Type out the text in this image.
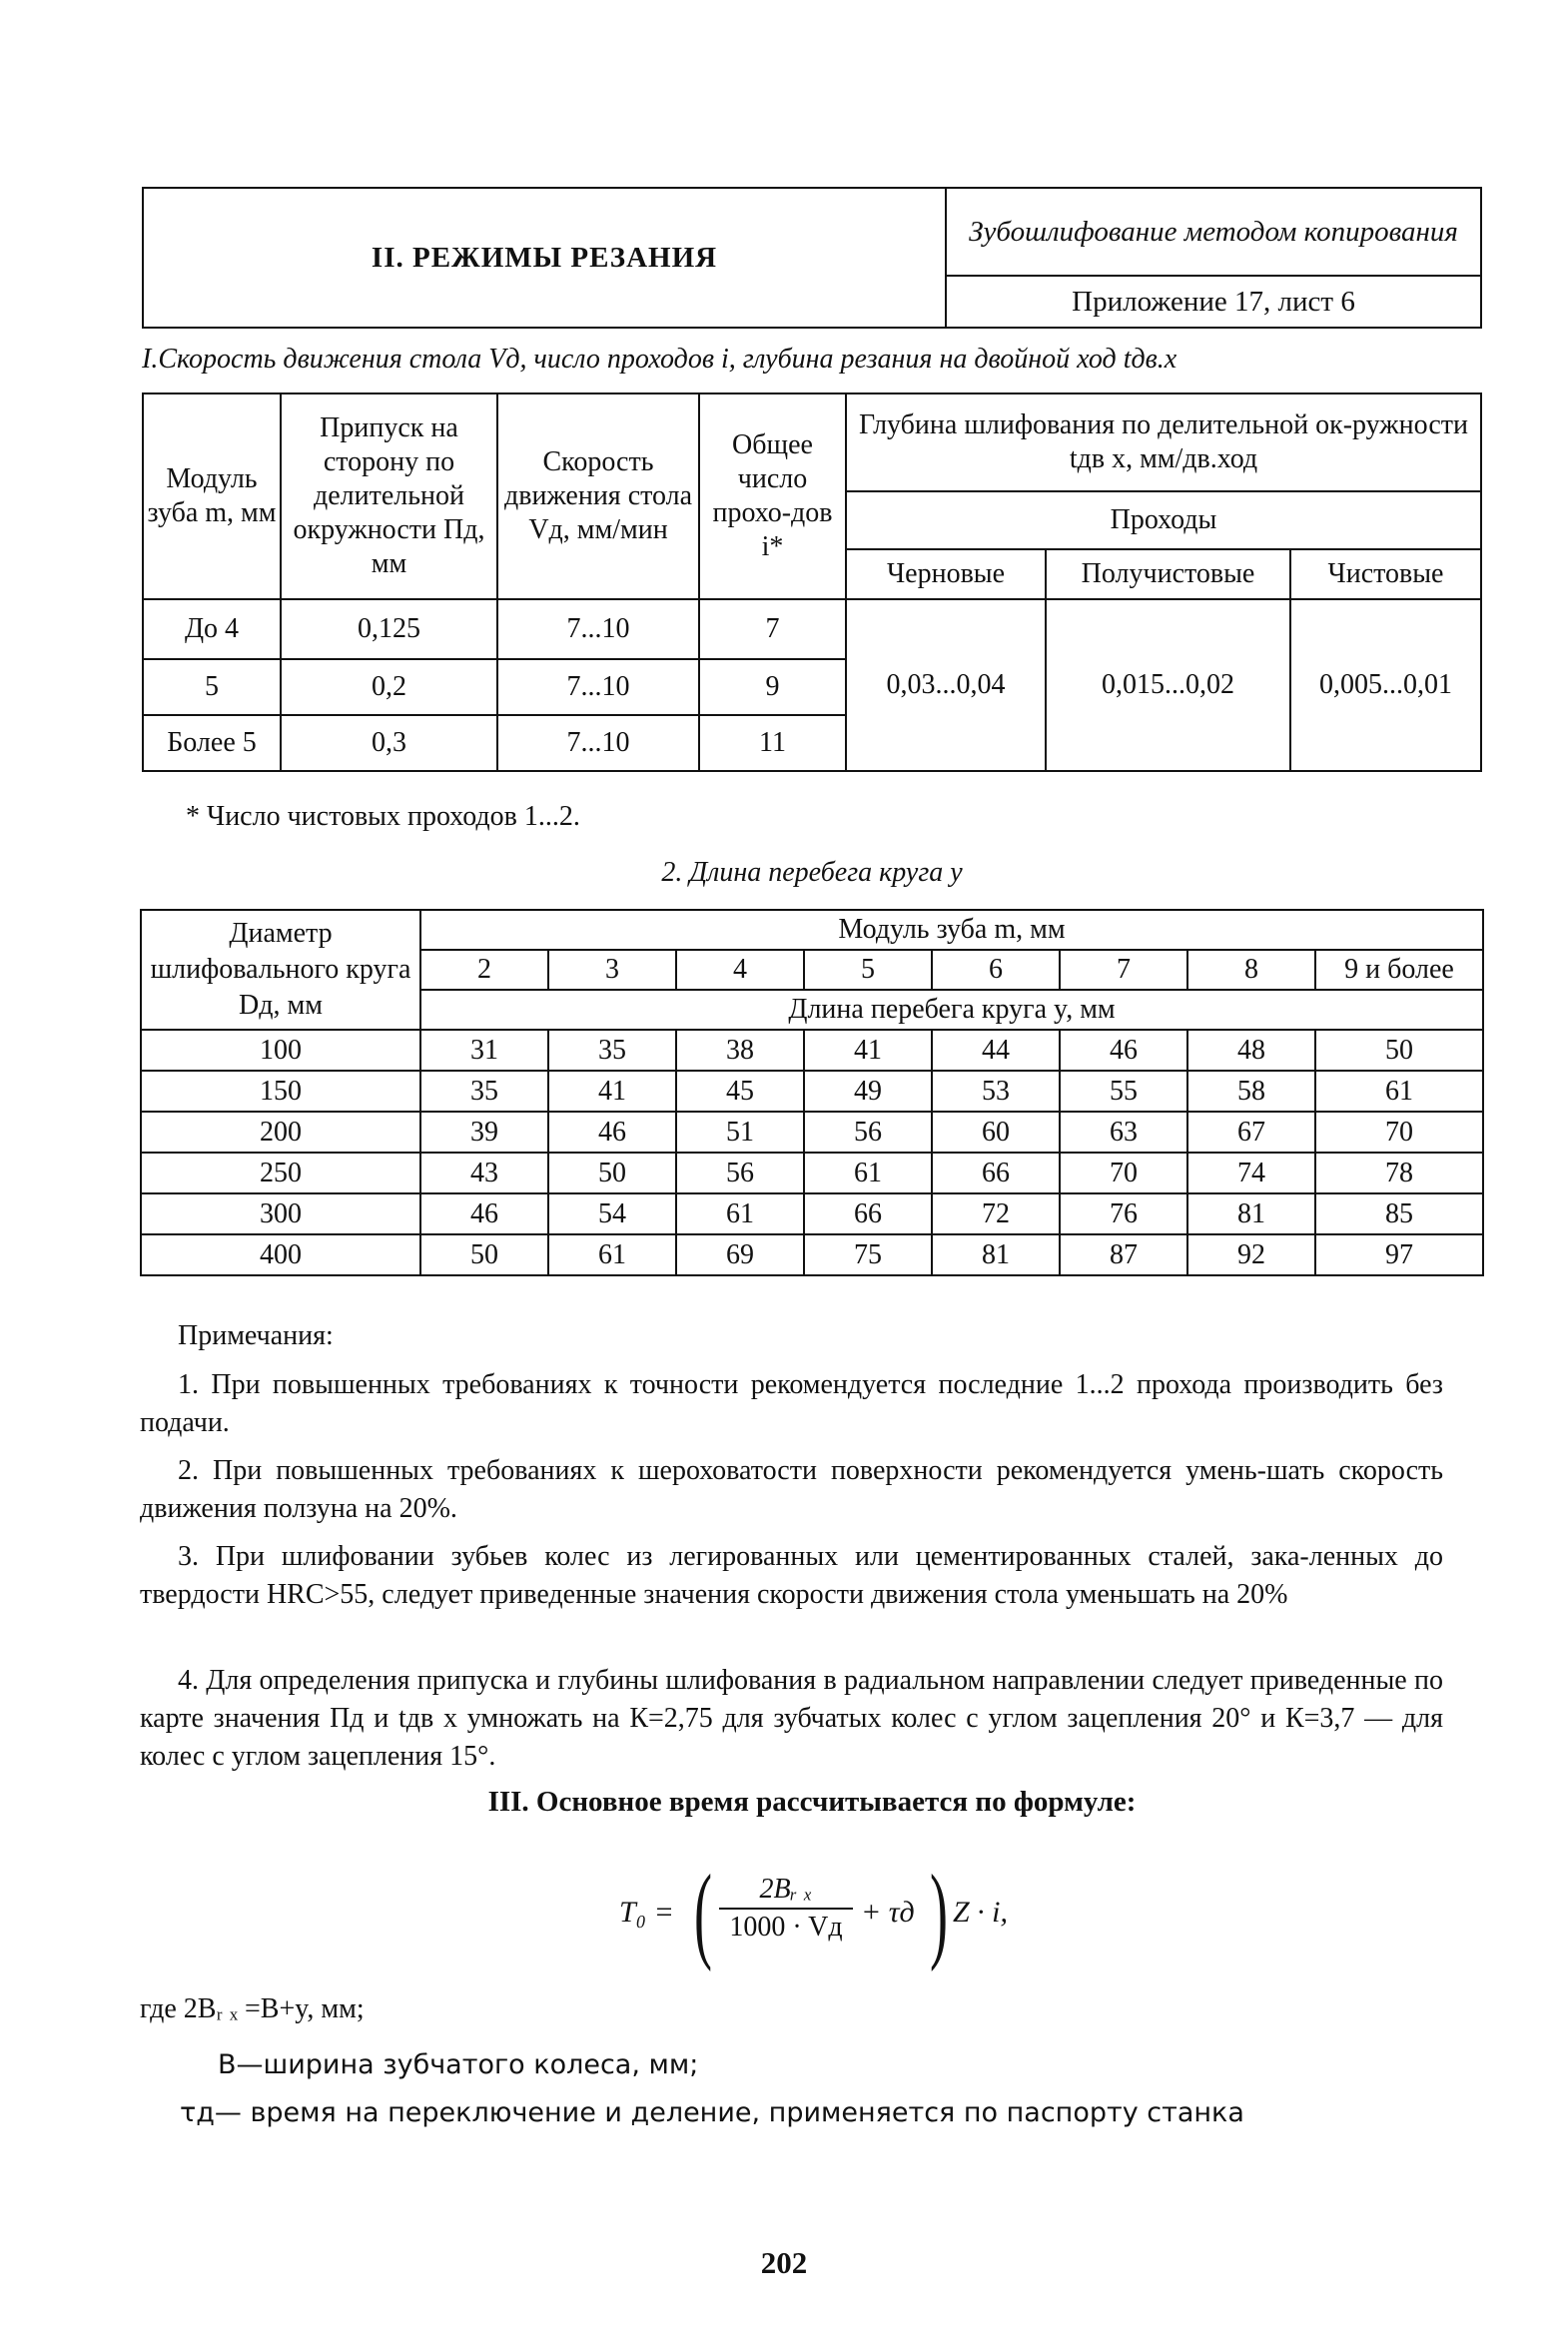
II. РЕЖИМЫ РЕЗАНИЯ	Зубошлифование методом копирования
Приложение 17, лист 6
I.Скорость движения стола Vд, число проходов i, глубина резания на двойной ход tдв.x
Модуль зуба m, мм	Припуск на сторону по делительной окружности Пд, мм	Скорость движения стола Vд, мм/мин	Общее число прохо-дов i*	Глубина шлифования по делительной ок-ружности tдв х, мм/дв.ход		
				Проходы		
				Черновые	Получистовые	Чистовые
До 4	0,125	7...10	7	0,03...0,04	0,015...0,02	0,005...0,01
5	0,2	7...10	9			
Более 5	0,3	7...10	11			
* Число чистовых проходов 1...2.
2. Длина перебега круга y
Диаметр шлифовального круга Dд, мм	Модуль зуба m, мм							
	2	3	4	5	6	7	8	9 и более
	Длина перебега круга y, мм							
100	31	35	38	41	44	46	48	50
150	35	41	45	49	53	55	58	61
200	39	46	51	56	60	63	67	70
250	43	50	56	61	66	70	74	78
300	46	54	61	66	72	76	81	85
400	50	61	69	75	81	87	92	97
Примечания:
1. При повышенных требованиях к точности рекомендуется последние 1...2 прохода производить без подачи.
2. При повышенных требованиях к шероховатости поверхности рекомендуется умень-шать скорость движения ползуна на 20%.
3. При шлифовании зубьев колес из легированных или цементированных сталей, зака-ленных до твердости HRC>55, следует приведенные значения скорости движения стола уменьшать на 20%
4. Для определения припуска и глубины шлифования в радиальном направлении следует приведенные по карте значения Пд и tдв х умножать на К=2,75 для зубчатых колес с углом зацепления 20° и К=3,7 — для колес с углом зацепления 15°.
III. Основное время рассчитывается по формуле:
T₀ = (	2Bᵣ ₓ
1000 · Vд + τд ) Z · i,
где 2Bᵣ ₓ =B+y, мм;
B—ширина зубчатого колеса, мм;
τд— время на переключение и деление, применяется по паспорту станка
202
